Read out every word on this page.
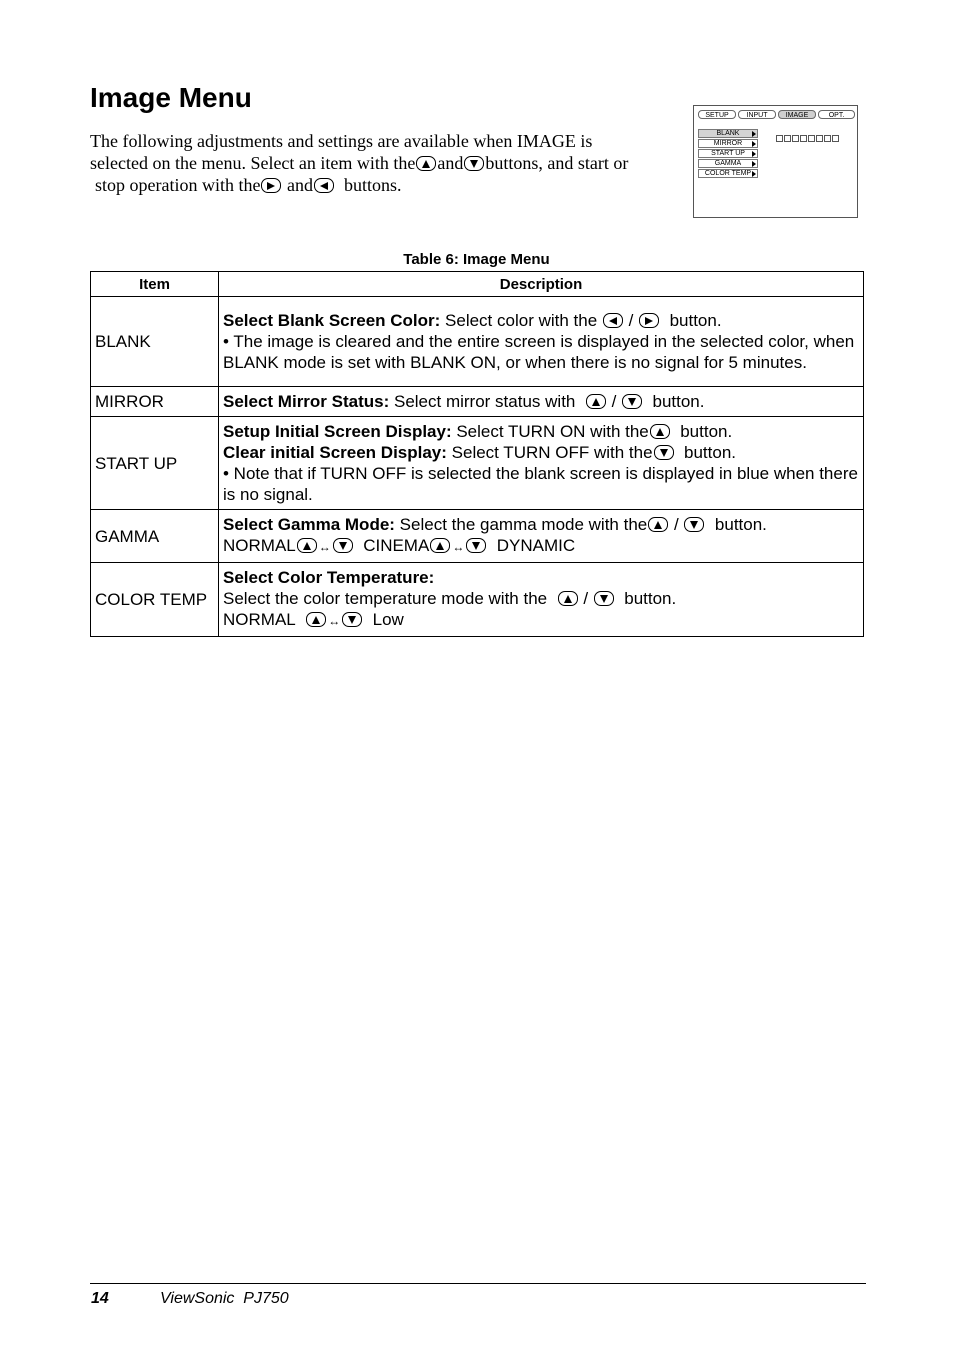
Image Menu

The following adjustments and settings are available when IMAGE is

selected on the menu. Select an item with the and buttons, and start or

stop operation with the and buttons.

SETUP	INPUT	IMAGE	OPT.
BLANK
MIRROR
START UP
GAMMA
COLOR TEMP
Table 6: Image Menu
Item	Description
BLANK	Select Blank Screen Color: Select color with the / button.
• The image is cleared and the entire screen is displayed in the selected color, when BLANK mode is set with BLANK ON, or when there is no signal for 5 minutes.

MIRROR	Select Mirror Status: Select mirror status with / button.

START UP	Setup Initial Screen Display: Select TURN ON with the button.
Clear initial Screen Display: Select TURN OFF with the button.
• Note that if TURN OFF is selected the blank screen is displayed in blue when there is no signal.

GAMMA	Select Gamma Mode: Select the gamma mode with the / button.
NORMAL ↔ CINEMA ↔ DYNAMIC

COLOR TEMP	Select Color Temperature:
Select the color temperature mode with the / button.
NORMAL ↔ Low
14	ViewSonic  PJ750
